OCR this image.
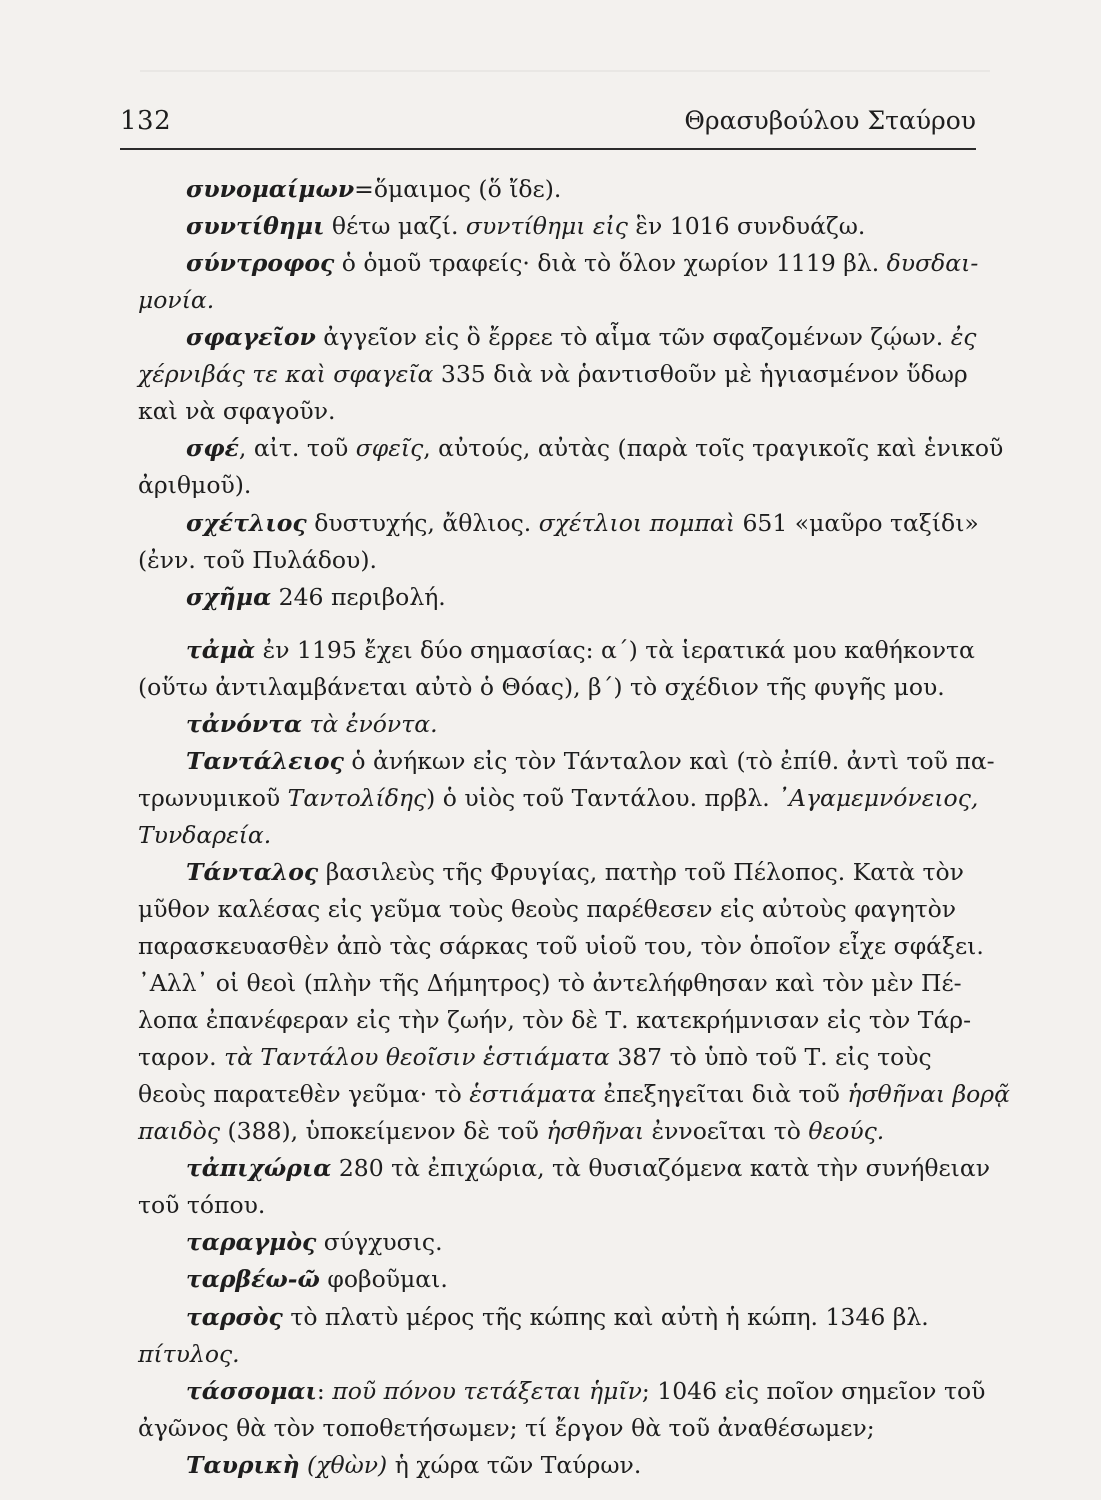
132	Θρασυβούλου Σταύρου
συνομαίμων=ὅμαιμος (ὅ ἴδε).
συντίθημι θέτω μαζί. συντίθημι εἰς ἓν 1016 συνδυάζω.
σύντροφος ὁ ὁμοῦ τραφείς· διὰ τὸ ὅλον χωρίον 1119 βλ. δυσδαι-
μονία.
σφαγεῖον ἀγγεῖον εἰς ὃ ἔρρεε τὸ αἷμα τῶν σφαζομένων ζῴων. ἐς
χέρνιβάς τε καὶ σφαγεῖα 335 διὰ νὰ ῥαντισθοῦν μὲ ἡγιασμένον ὕδωρ
καὶ νὰ σφαγοῦν.
σφέ, αἰτ. τοῦ σφεῖς, αὐτούς, αὐτὰς (παρὰ τοῖς τραγικοῖς καὶ ἑνικοῦ
ἀριθμοῦ).
σχέτλιος δυστυχής, ἄθλιος. σχέτλιοι πομπαὶ 651 «μαῦρο ταξίδι»
(ἐνν. τοῦ Πυλάδου).
σχῆμα 246 περιβολή.
τἀμὰ ἐν 1195 ἔχει δύο σημασίας: α΄) τὰ ἱερατικά μου καθήκοντα
(οὕτω ἀντιλαμβάνεται αὐτὸ ὁ Θόας), β΄) τὸ σχέδιον τῆς φυγῆς μου.
τἀνόντα τὰ ἐνόντα.
Ταντάλειος ὁ ἀνήκων εἰς τὸν Τάνταλον καὶ (τὸ ἐπίθ. ἀντὶ τοῦ πα-
τρωνυμικοῦ Ταντολίδης) ὁ υἱὸς τοῦ Ταντάλου. πρβλ. ᾿Αγαμεμνόνειος,
Τυνδαρεία.
Τάνταλος βασιλεὺς τῆς Φρυγίας, πατὴρ τοῦ Πέλοπος. Κατὰ τὸν
μῦθον καλέσας εἰς γεῦμα τοὺς θεοὺς παρέθεσεν εἰς αὐτοὺς φαγητὸν
παρασκευασθὲν ἀπὸ τὰς σάρκας τοῦ υἱοῦ του, τὸν ὁποῖον εἶχε σφάξει.
᾿Αλλ᾿ οἱ θεοὶ (πλὴν τῆς Δήμητρος) τὸ ἀντελήφθησαν καὶ τὸν μὲν Πέ-
λοπα ἐπανέφεραν εἰς τὴν ζωήν, τὸν δὲ Τ. κατεκρήμνισαν εἰς τὸν Τάρ-
ταρον. τὰ Ταντάλου θεοῖσιν ἑστιάματα 387 τὸ ὑπὸ τοῦ Τ. εἰς τοὺς
θεοὺς παρατεθὲν γεῦμα· τὸ ἑστιάματα ἐπεξηγεῖται διὰ τοῦ ἡσθῆναι βορᾷ
παιδὸς (388), ὑποκείμενον δὲ τοῦ ἡσθῆναι ἐννοεῖται τὸ θεούς.
τἀπιχώρια 280 τὰ ἐπιχώρια, τὰ θυσιαζόμενα κατὰ τὴν συνήθειαν
τοῦ τόπου.
ταραγμὸς σύγχυσις.
ταρβέω-ῶ φοβοῦμαι.
ταρσὸς τὸ πλατὺ μέρος τῆς κώπης καὶ αὐτὴ ἡ κώπη. 1346 βλ.
πίτυλος.
τάσσομαι: ποῦ πόνου τετάξεται ἡμῖν; 1046 εἰς ποῖον σημεῖον τοῦ
ἀγῶνος θὰ τὸν τοποθετήσωμεν; τί ἔργον θὰ τοῦ ἀναθέσωμεν;
Ταυρικὴ (χθὼν) ἡ χώρα τῶν Ταύρων.
